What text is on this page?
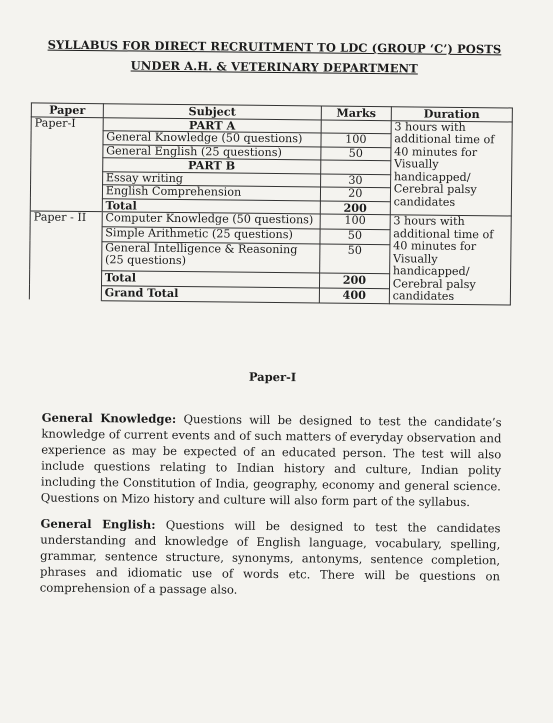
SYLLABUS FOR DIRECT RECRUITMENT TO LDC (GROUP ‘C’) POSTS
UNDER A.H. & VETERINARY DEPARTMENT
Paper	Subject	Marks	Duration
Paper-I	PART A		3 hours with additional time of 40 minutes for Visually handicapped/ Cerebral palsy candidates
	General Knowledge (50 questions)	100	
	General English (25 questions)	50	
	PART B		
	Essay writing	30	
	English Comprehension	20	
	Total	200	
Paper - II	Computer Knowledge (50 questions)	100	3 hours with additional time of 40 minutes for Visually handicapped/ Cerebral palsy candidates
	Simple Arithmetic (25 questions)	50	
	General Intelligence & Reasoning (25 questions)	50	
	Total	200	
	Grand Total	400	
Paper-I
General Knowledge: Questions will be designed to test the candidate’s knowledge of current events and of such matters of everyday observation and experience as may be expected of an educated person. The test will also include questions relating to Indian history and culture, Indian polity including the Constitution of India, geography, economy and general science. Questions on Mizo history and culture will also form part of the syllabus.
General English: Questions will be designed to test the candidates understanding and knowledge of English language, vocabulary, spelling, grammar, sentence structure, synonyms, antonyms, sentence completion, phrases and idiomatic use of words etc. There will be questions on comprehension of a passage also.
